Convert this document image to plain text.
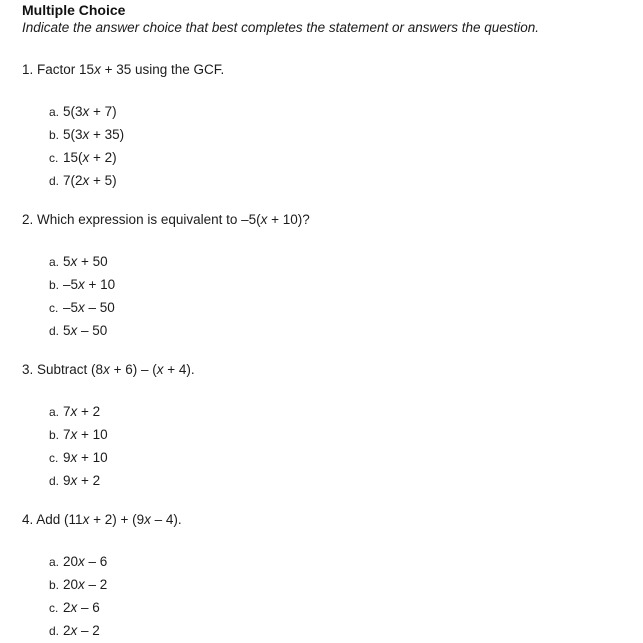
Multiple Choice

Indicate the answer choice that best completes the statement or answers the question.

1. Factor 15x + 35 using the GCF.

a. 5(3x + 7)
b. 5(3x + 35)
c. 15(x + 2)
d. 7(2x + 5)

2. Which expression is equivalent to –5(x + 10)?

a. 5x + 50
b. –5x + 10
c. –5x – 50
d. 5x – 50

3. Subtract (8x + 6) – (x + 4).

a. 7x + 2
b. 7x + 10
c. 9x + 10
d. 9x + 2

4. Add (11x + 2) + (9x – 4).

a. 20x – 6
b. 20x – 2
c. 2x – 6
d. 2x – 2
